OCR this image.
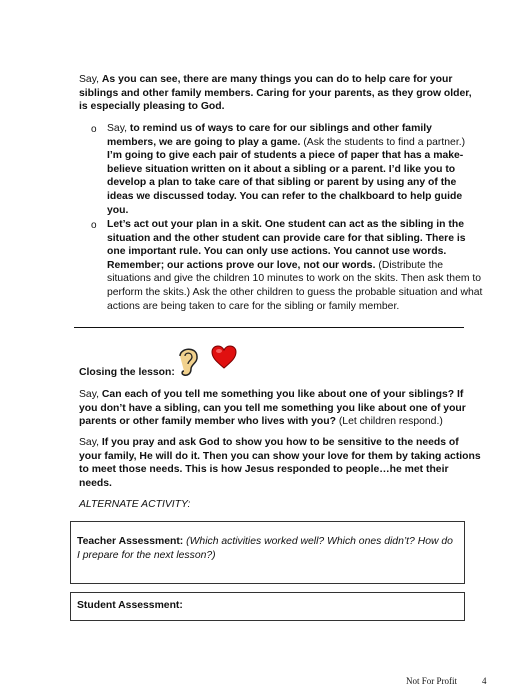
Say, As you can see, there are many things you can do to help care for your siblings and other family members. Caring for your parents, as they grow older, is especially pleasing to God.
o Say, to remind us of ways to care for our siblings and other family members, we are going to play a game. (Ask the students to find a partner.) I’m going to give each pair of students a piece of paper that has a make-believe situation written on it about a sibling or a parent. I’d like you to develop a plan to take care of that sibling or parent by using any of the ideas we discussed today. You can refer to the chalkboard to help guide you.
o Let’s act out your plan in a skit. One student can act as the sibling in the situation and the other student can provide care for that sibling. There is one important rule. You can only use actions. You cannot use words. Remember; our actions prove our love, not our words. (Distribute the situations and give the children 10 minutes to work on the skits. Then ask them to perform the skits.) Ask the other children to guess the probable situation and what actions are being taken to care for the sibling or family member.
Closing the lesson:
Say, Can each of you tell me something you like about one of your siblings? If you don’t have a sibling, can you tell me something you like about one of your parents or other family member who lives with you? (Let children respond.)
Say, If you pray and ask God to show you how to be sensitive to the needs of your family, He will do it. Then you can show your love for them by taking actions to meet those needs. This is how Jesus responded to people…he met their needs.
ALTERNATE ACTIVITY:
Teacher Assessment: (Which activities worked well? Which ones didn’t? How do I prepare for the next lesson?)
Student Assessment:
Not For Profit	4
